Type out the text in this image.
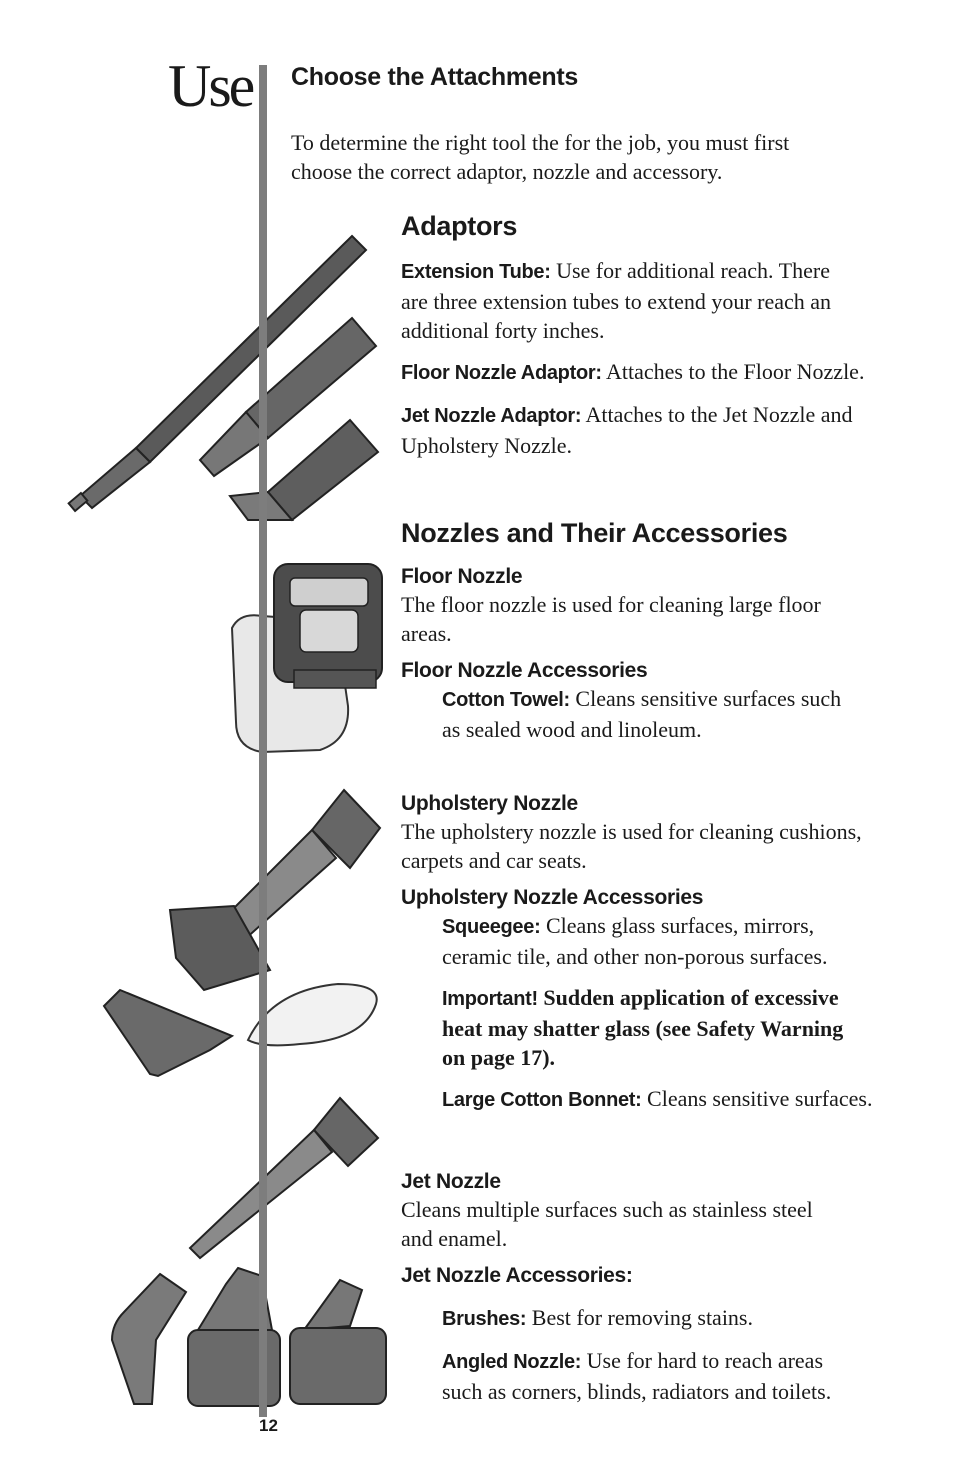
Use Choose the Attachments
To determine the right tool the for the job, you must first
choose the correct adaptor, nozzle and accessory.
Adaptors
Extension Tube: Use for additional reach. There
are three extension tubes to extend your reach an
additional forty inches.
Floor Nozzle Adaptor: Attaches to the Floor Nozzle.
Jet Nozzle Adaptor: Attaches to the Jet Nozzle and
Upholstery Nozzle.
Nozzles and Their Accessories
Floor Nozzle
The floor nozzle is used for cleaning large floor
areas.
Floor Nozzle Accessories
Cotton Towel: Cleans sensitive surfaces such
as sealed wood and linoleum.
Upholstery Nozzle
The upholstery nozzle is used for cleaning cushions,
carpets and car seats.
Upholstery Nozzle Accessories
Squeegee: Cleans glass surfaces, mirrors,
ceramic tile, and other non-porous surfaces.
Important! Sudden application of excessive
heat may shatter glass (see Safety Warning
on page 17).
Large Cotton Bonnet: Cleans sensitive surfaces.
Jet Nozzle
Cleans multiple surfaces such as stainless steel
and enamel.
Jet Nozzle Accessories:
Brushes: Best for removing stains.
Angled Nozzle: Use for hard to reach areas
such as corners, blinds, radiators and toilets.
12
